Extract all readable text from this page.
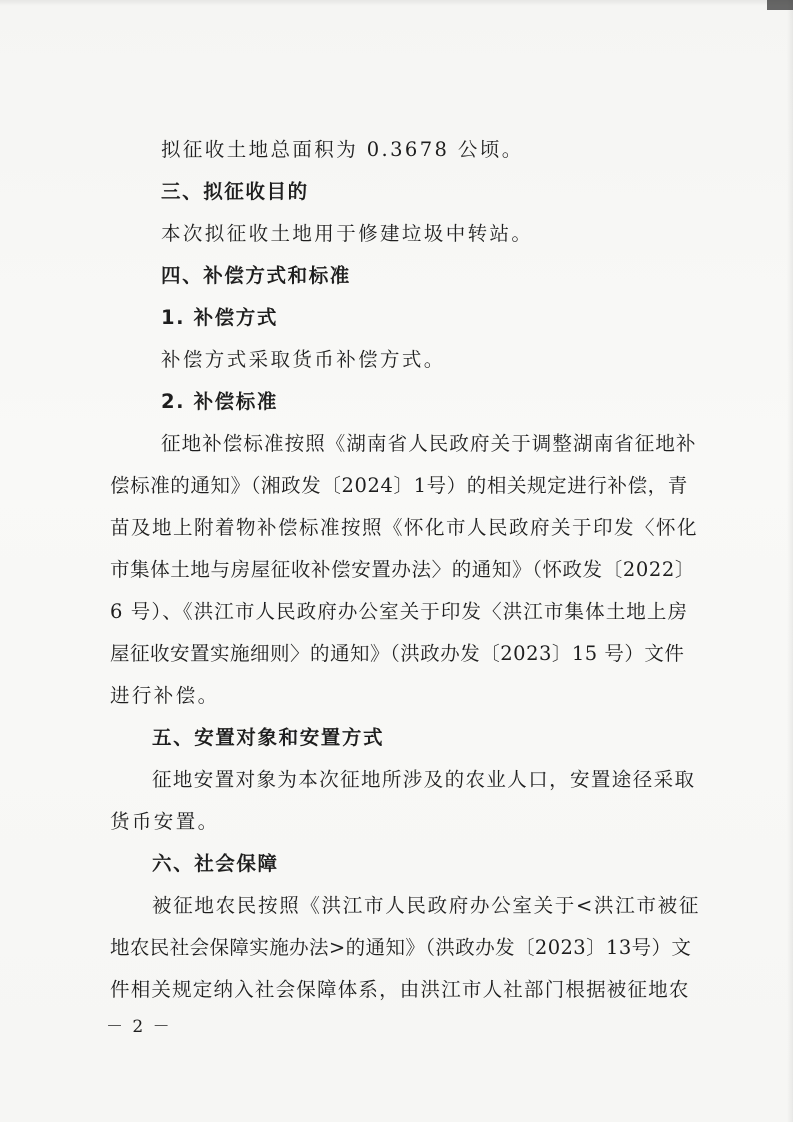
拟征收土地总面积为 0.3678 公顷。
三、拟征收目的
本次拟征收土地用于修建垃圾中转站。
四、补偿方式和标准
1. 补偿方式
补偿方式采取货币补偿方式。
2. 补偿标准
征地补偿标准按照《湖南省人民政府关于调整湖南省征地补
偿标准的通知》（湘政发〔2024〕1号）的相关规定进行补偿，青
苗及地上附着物补偿标准按照《怀化市人民政府关于印发〈怀化
市集体土地与房屋征收补偿安置办法〉的通知》（怀政发〔2022〕
6 号）、《洪江市人民政府办公室关于印发〈洪江市集体土地上房
屋征收安置实施细则〉的通知》（洪政办发〔2023〕15 号）文件
进行补偿。
五、安置对象和安置方式
征地安置对象为本次征地所涉及的农业人口，安置途径采取
货币安置。
六、社会保障
被征地农民按照《洪江市人民政府办公室关于<洪江市被征
地农民社会保障实施办法>的通知》（洪政办发〔2023〕13号）文
件相关规定纳入社会保障体系，由洪江市人社部门根据被征地农
－ 2 －
